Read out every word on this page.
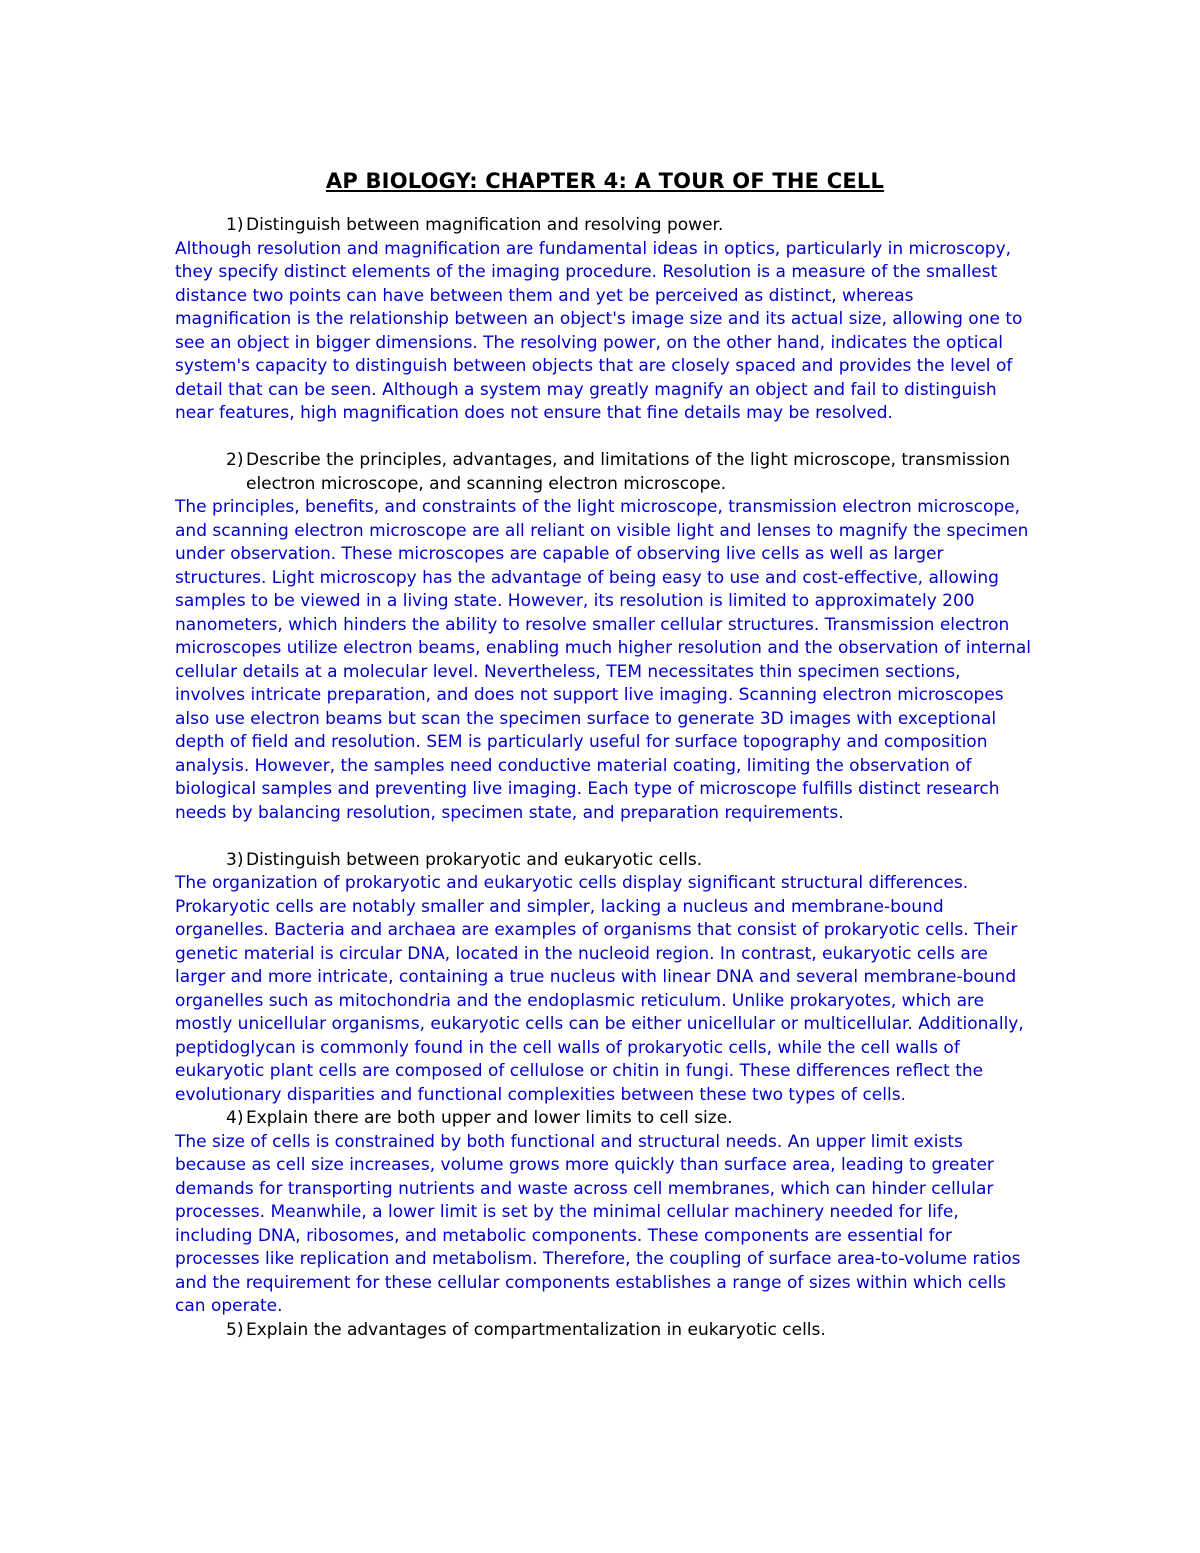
AP BIOLOGY: CHAPTER 4: A TOUR OF THE CELL
1) Distinguish between magnification and resolving power.

Although resolution and magnification are fundamental ideas in optics, particularly in microscopy, they specify distinct elements of the imaging procedure. Resolution is a measure of the smallest distance two points can have between them and yet be perceived as distinct, whereas magnification is the relationship between an object's image size and its actual size, allowing one to see an object in bigger dimensions. The resolving power, on the other hand, indicates the optical system's capacity to distinguish between objects that are closely spaced and provides the level of detail that can be seen. Although a system may greatly magnify an object and fail to distinguish near features, high magnification does not ensure that fine details may be resolved.

2) Describe the principles, advantages, and limitations of the light microscope, transmission electron microscope, and scanning electron microscope.

The principles, benefits, and constraints of the light microscope, transmission electron microscope, and scanning electron microscope are all reliant on visible light and lenses to magnify the specimen under observation. These microscopes are capable of observing live cells as well as larger structures. Light microscopy has the advantage of being easy to use and cost-effective, allowing samples to be viewed in a living state. However, its resolution is limited to approximately 200 nanometers, which hinders the ability to resolve smaller cellular structures. Transmission electron microscopes utilize electron beams, enabling much higher resolution and the observation of internal cellular details at a molecular level. Nevertheless, TEM necessitates thin specimen sections, involves intricate preparation, and does not support live imaging. Scanning electron microscopes also use electron beams but scan the specimen surface to generate 3D images with exceptional depth of field and resolution. SEM is particularly useful for surface topography and composition analysis. However, the samples need conductive material coating, limiting the observation of biological samples and preventing live imaging. Each type of microscope fulfills distinct research needs by balancing resolution, specimen state, and preparation requirements.

3) Distinguish between prokaryotic and eukaryotic cells.

The organization of prokaryotic and eukaryotic cells display significant structural differences. Prokaryotic cells are notably smaller and simpler, lacking a nucleus and membrane-bound organelles. Bacteria and archaea are examples of organisms that consist of prokaryotic cells. Their genetic material is circular DNA, located in the nucleoid region. In contrast, eukaryotic cells are larger and more intricate, containing a true nucleus with linear DNA and several membrane-bound organelles such as mitochondria and the endoplasmic reticulum. Unlike prokaryotes, which are mostly unicellular organisms, eukaryotic cells can be either unicellular or multicellular. Additionally, peptidoglycan is commonly found in the cell walls of prokaryotic cells, while the cell walls of eukaryotic plant cells are composed of cellulose or chitin in fungi. These differences reflect the evolutionary disparities and functional complexities between these two types of cells.

4) Explain there are both upper and lower limits to cell size.

The size of cells is constrained by both functional and structural needs. An upper limit exists because as cell size increases, volume grows more quickly than surface area, leading to greater demands for transporting nutrients and waste across cell membranes, which can hinder cellular processes. Meanwhile, a lower limit is set by the minimal cellular machinery needed for life, including DNA, ribosomes, and metabolic components. These components are essential for processes like replication and metabolism. Therefore, the coupling of surface area-to-volume ratios and the requirement for these cellular components establishes a range of sizes within which cells can operate.

5) Explain the advantages of compartmentalization in eukaryotic cells.
